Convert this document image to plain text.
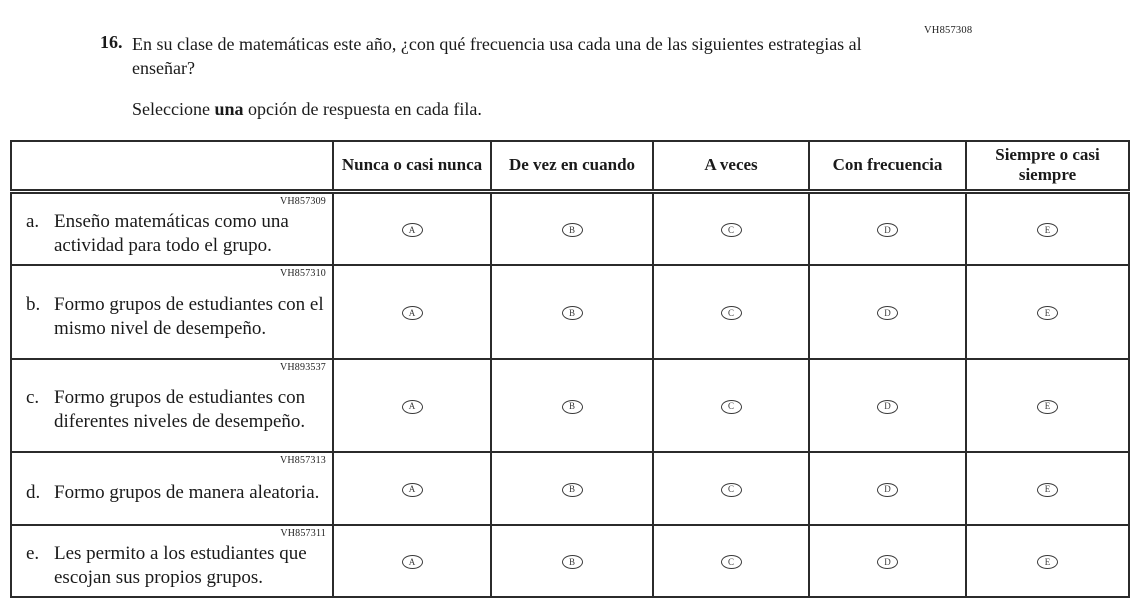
VH857308
16. En su clase de matemáticas este año, ¿con qué frecuencia usa cada una de las siguientes estrategias al enseñar?
Seleccione una opción de respuesta en cada fila.
	Nunca o casi nunca	De vez en cuando	A veces	Con frecuencia	Siempre o casi siempre

VH857309
a. Enseño matemáticas como una actividad para todo el grupo.	A	B	C	D	E

VH857310
b. Formo grupos de estudiantes con el mismo nivel de desempeño.	A	B	C	D	E

VH893537
c. Formo grupos de estudiantes con diferentes niveles de desempeño.	A	B	C	D	E

VH857313
d. Formo grupos de manera aleatoria.	A	B	C	D	E

VH857311
e. Les permito a los estudiantes que escojan sus propios grupos.	A	B	C	D	E
